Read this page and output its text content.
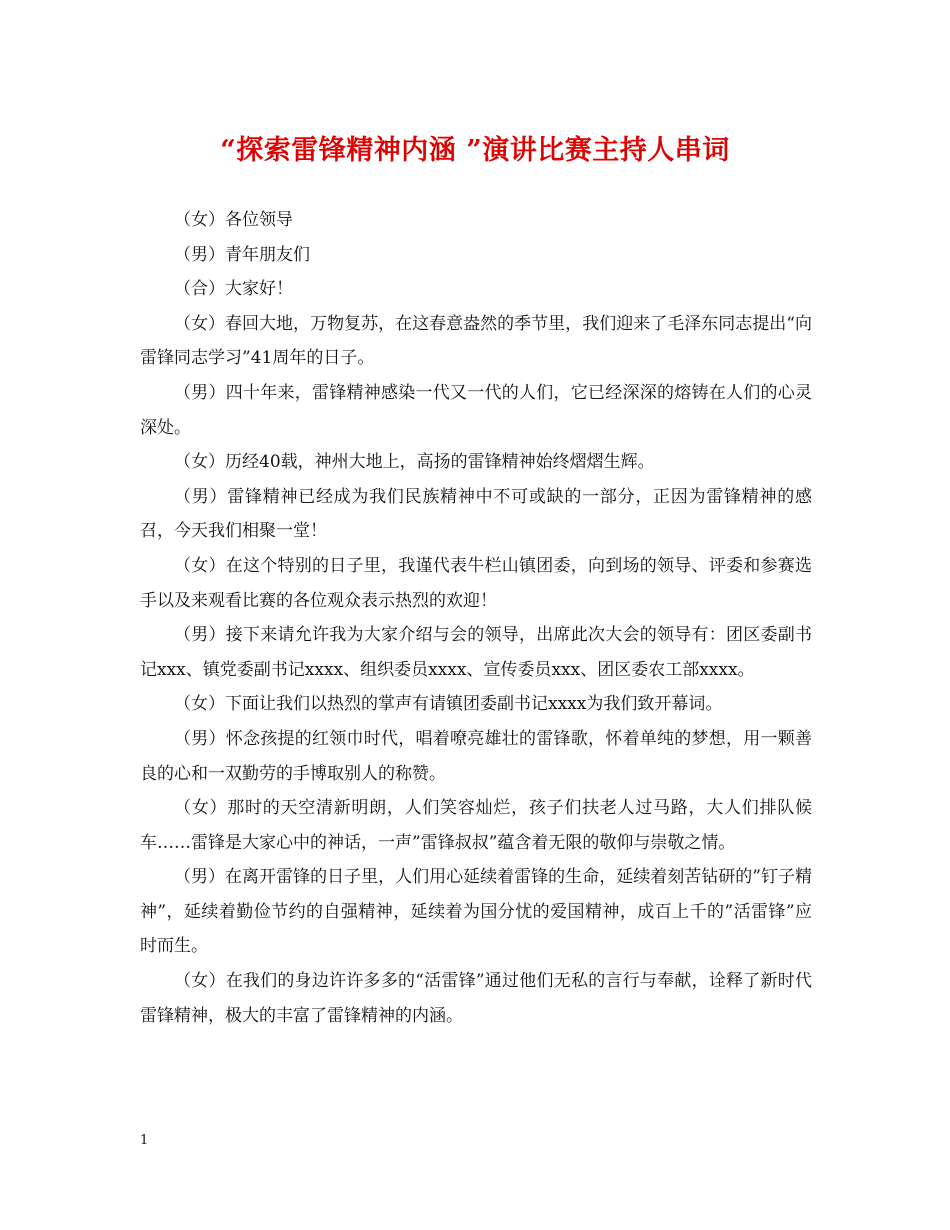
“探索雷锋精神内涵 ”演讲比赛主持人串词

（女）各位领导

（男）青年朋友们

（合）大家好！

（女）春回大地，万物复苏，在这春意盎然的季节里，我们迎来了毛泽东同志提出“向雷锋同志学习”41周年的日子。

（男）四十年来，雷锋精神感染一代又一代的人们，它已经深深的熔铸在人们的心灵深处。

（女）历经40载，神州大地上，高扬的雷锋精神始终熠熠生辉。

（男）雷锋精神已经成为我们民族精神中不可或缺的一部分，正因为雷锋精神的感召，今天我们相聚一堂！

（女）在这个特别的日子里，我谨代表牛栏山镇团委，向到场的领导、评委和参赛选手以及来观看比赛的各位观众表示热烈的欢迎！

（男）接下来请允许我为大家介绍与会的领导，出席此次大会的领导有：团区委副书记xxx、镇党委副书记xxxx、组织委员xxxx、宣传委员xxx、团区委农工部xxxx。

（女）下面让我们以热烈的掌声有请镇团委副书记xxxx为我们致开幕词。

（男）怀念孩提的红领巾时代，唱着嘹亮雄壮的雷锋歌，怀着单纯的梦想，用一颗善良的心和一双勤劳的手博取别人的称赞。

（女）那时的天空清新明朗，人们笑容灿烂，孩子们扶老人过马路，大人们排队候车……雷锋是大家心中的神话，一声”雷锋叔叔”蕴含着无限的敬仰与崇敬之情。

（男）在离开雷锋的日子里，人们用心延续着雷锋的生命，延续着刻苦钻研的”钉子精神”，延续着勤俭节约的自强精神，延续着为国分忧的爱国精神，成百上千的”活雷锋”应时而生。

（女）在我们的身边许许多多的“活雷锋”通过他们无私的言行与奉献，诠释了新时代雷锋精神，极大的丰富了雷锋精神的内涵。

1
